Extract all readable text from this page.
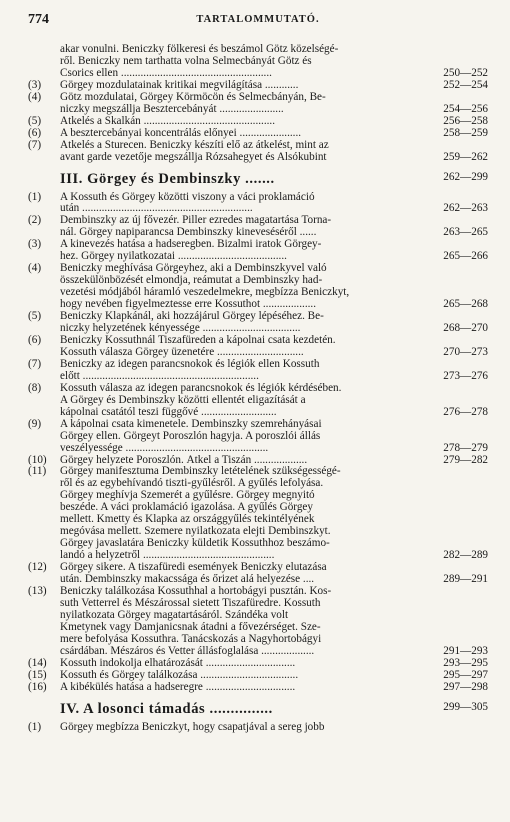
774	TARTALOMMUTATÓ.
akar vonulni. Beniczky fölkeresi és beszámol Götz közelségé-
ről. Beniczky nem tarthatta volna Selmecbányát Götz és
Csorics ellen ......................................................	250—252
(3)	Görgey mozdulatainak kritikai megvilágítása ............	252—254
(4)	Götz mozdulatai, Görgey Körmöcön és Selmecbányán, Be-
niczky megszállja Besztercebányát .......................	254—256
(5)	Átkelés a Skalkán ...............................................	256—258
(6)	A besztercebányai koncentrálás előnyei ......................	258—259
(7)	Átkelés a Sturecen. Beniczky készíti elő az átkelést, mint az
avant garde vezetője megszállja Rózsahegyet és Alsókubint	259—262
III. Görgey és Dembinszky .......	262—299
(1)	A Kossuth és Görgey közötti viszony a váci proklamáció
után .............................................................	262—263
(2)	Dembinszky az új fővezér. Piller ezredes magatartása Torna-
nál. Görgey napiparancsa Dembinszky kineveséséről ......	263—265
(3)	A kinevezés hatása a hadseregben. Bizalmi iratok Görgey-
hez. Görgey nyilatkozatai .......................................	265—266
(4)	Beniczky meghívása Görgeyhez, aki a Dembinszkyvel való
összekülönbözését elmondja, reámutat a Dembinszky had-
vezetési módjából háramló veszedelmekre, megbízza Beniczkyt,
hogy nevében figyelmeztesse erre Kossuthot ...................	265—268
(5)	Beniczky Klapkánál, aki hozzájárul Görgey lépéséhez. Be-
niczky helyzetének kényessége ...................................	268—270
(6)	Beniczky Kossuthnál Tiszafüreden a kápolnai csata kezdetén.
Kossuth válasza Görgey üzenetére ...............................	270—273
(7)	Beniczky az idegen parancsnokok és légiók ellen Kossuth
előtt ...............................................................	273—276
(8)	Kossuth válasza az idegen parancsnokok és légiók kérdésében.
A Görgey és Dembinszky közötti ellentét eligazítását a
kápolnai csatától teszi függővé ...........................	276—278
(9)	A kápolnai csata kimenetele. Dembinszky szemrehányásai
Görgey ellen. Görgeyt Poroszlón hagyja. A poroszlói állás
veszélyessége ...................................................	278—279
(10)	Görgey helyzete Poroszlón. Átkel a Tiszán ...................	279—282
(11)	Görgey manifesztuma Dembinszky letételének szükségességé-
ről és az egybehívandó tiszti-gyűlésről. A gyűlés lefolyása.
Görgey meghívja Szemerét a gyűlésre. Görgey megnyitó
beszéde. A váci proklamáció igazolása. A gyűlés Görgey
mellett. Kmetty és Klapka az országgyűlés tekintélyének
megóvása mellett. Szemere nyilatkozata elejti Dembinszkyt.
Görgey javaslatára Beniczky küldetik Kossuthhoz beszámo-
landó a helyzetről ...............................................	282—289
(12)	Görgey sikere. A tiszafüredi események Beniczky elutazása
után. Dembinszky makacssága és őrizet alá helyezése ....	289—291
(13)	Beniczky találkozása Kossuthhal a hortobágyi pusztán. Kos-
suth Vetterrel és Mészárossal sietett Tiszafüredre. Kossuth
nyilatkozata Görgey magatartásáról. Szándéka volt
Kmetynek vagy Damjanicsnak átadni a fővezérséget. Sze-
mere befolyása Kossuthra. Tanácskozás a Nagyhortobágyi
csárdában. Mészáros és Vetter állásfoglalása ...................	291—293
(14)	Kossuth indokolja elhatározását ................................	293—295
(15)	Kossuth és Görgey találkozása ...................................	295—297
(16)	A kibékülés hatása a hadseregre ................................	297—298
IV. A losonci támadás ...............	299—305
(1)	Görgey megbízza Beniczkyt, hogy csapatjával a sereg jobb
